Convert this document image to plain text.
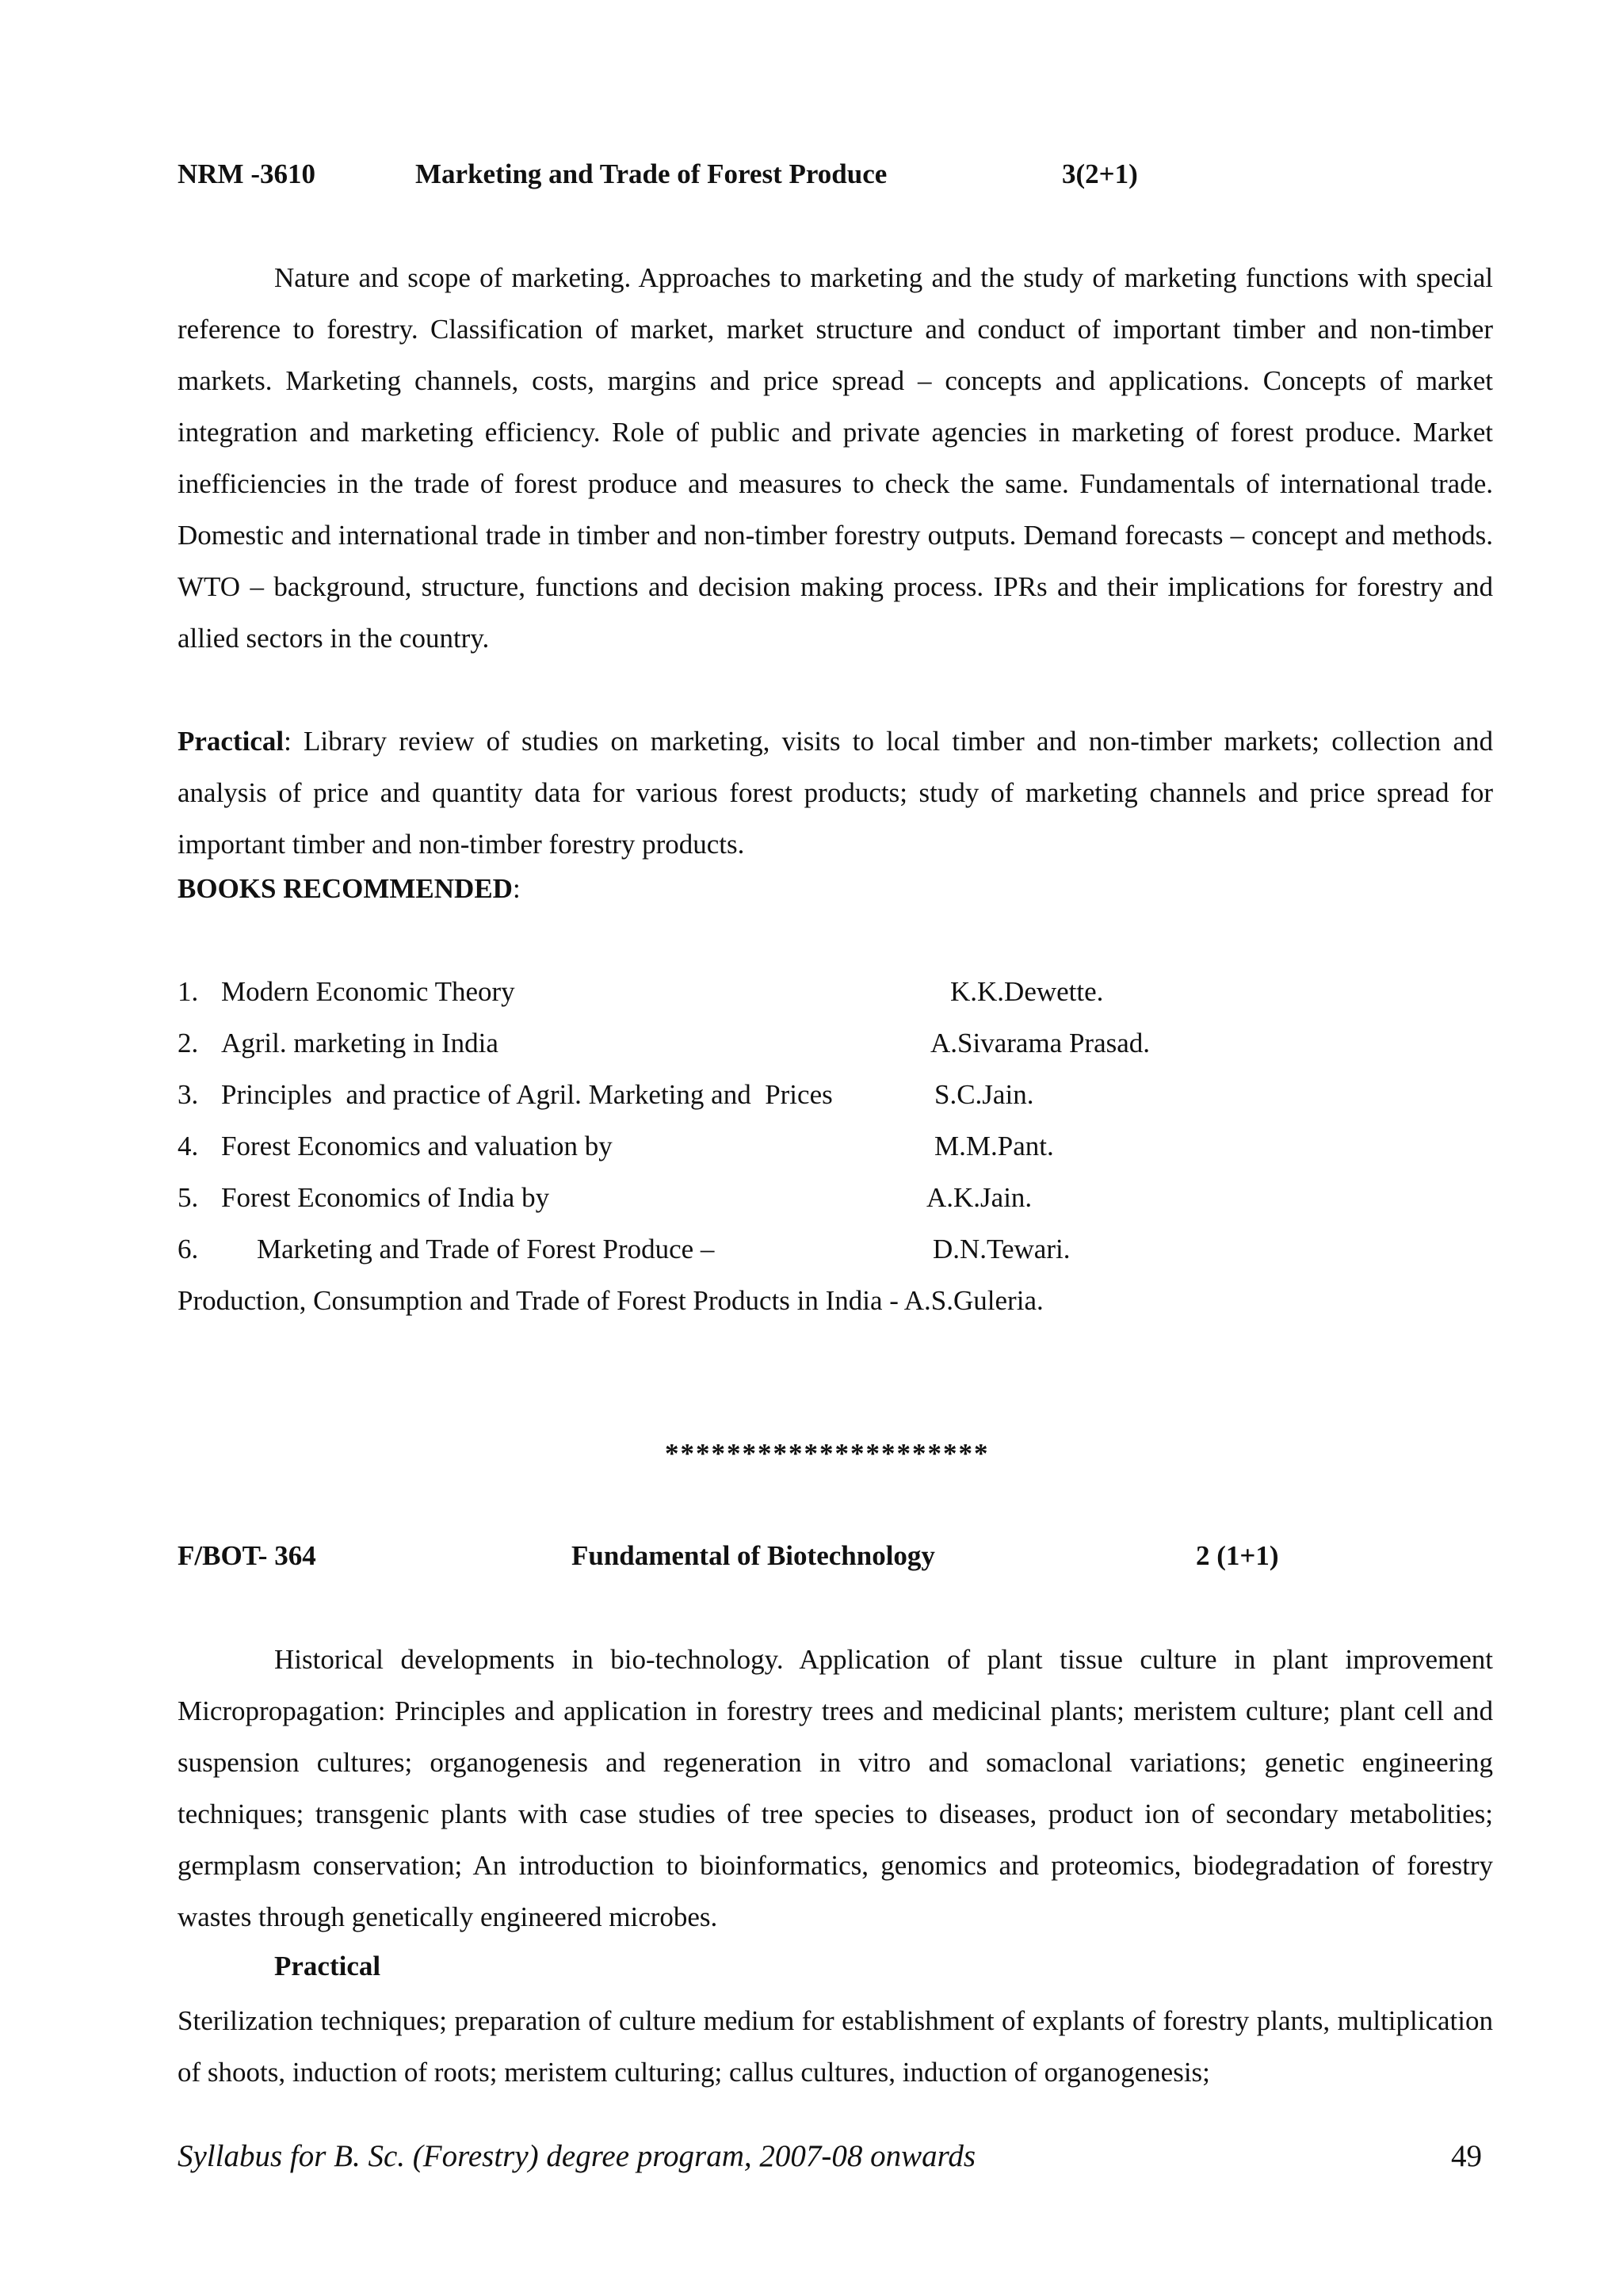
NRM -3610	Marketing and Trade of Forest Produce	3(2+1)

Nature and scope of marketing. Approaches to marketing and the study of marketing functions with special reference to forestry. Classification of market, market structure and conduct of important timber and non-timber markets. Marketing channels, costs, margins and price spread – concepts and applications. Concepts of market integration and marketing efficiency. Role of public and private agencies in marketing of forest produce. Market inefficiencies in the trade of forest produce and measures to check the same. Fundamentals of international trade. Domestic and international trade in timber and non-timber forestry outputs. Demand forecasts – concept and methods. WTO – background, structure, functions and decision making process. IPRs and their implications for forestry and allied sectors in the country.

Practical: Library review of studies on marketing, visits to local timber and non-timber markets; collection and analysis of price and quantity data for various forest products; study of marketing channels and price spread for important timber and non-timber forestry products.

BOOKS RECOMMENDED:
1. Modern Economic Theory	K.K.Dewette.
2. Agril. marketing in India	A.Sivarama Prasad.
3. Principles  and practice of Agril. Marketing and  Prices	S.C.Jain.
4. Forest Economics and valuation by	M.M.Pant.
5. Forest Economics of India by	A.K.Jain.
6. Marketing and Trade of Forest Produce –	D.N.Tewari.
Production, Consumption and Trade of Forest Products in India - A.S.Guleria.
*********************
F/BOT- 364	Fundamental of Biotechnology	2 (1+1)

Historical developments in bio-technology. Application of plant tissue culture in plant improvement Micropropagation: Principles and application in forestry trees and medicinal plants; meristem culture; plant cell and suspension cultures; organogenesis and regeneration in vitro and somaclonal variations; genetic engineering techniques; transgenic plants with case studies of tree species to diseases, product ion of secondary metabolities; germplasm conservation; An introduction to bioinformatics, genomics and proteomics, biodegradation of forestry wastes through genetically engineered microbes.

Practical

Sterilization techniques; preparation of culture medium for establishment of explants of forestry plants, multiplication of shoots, induction of roots; meristem culturing; callus cultures, induction of organogenesis;

Syllabus for B. Sc. (Forestry) degree program, 2007-08 onwards	49
